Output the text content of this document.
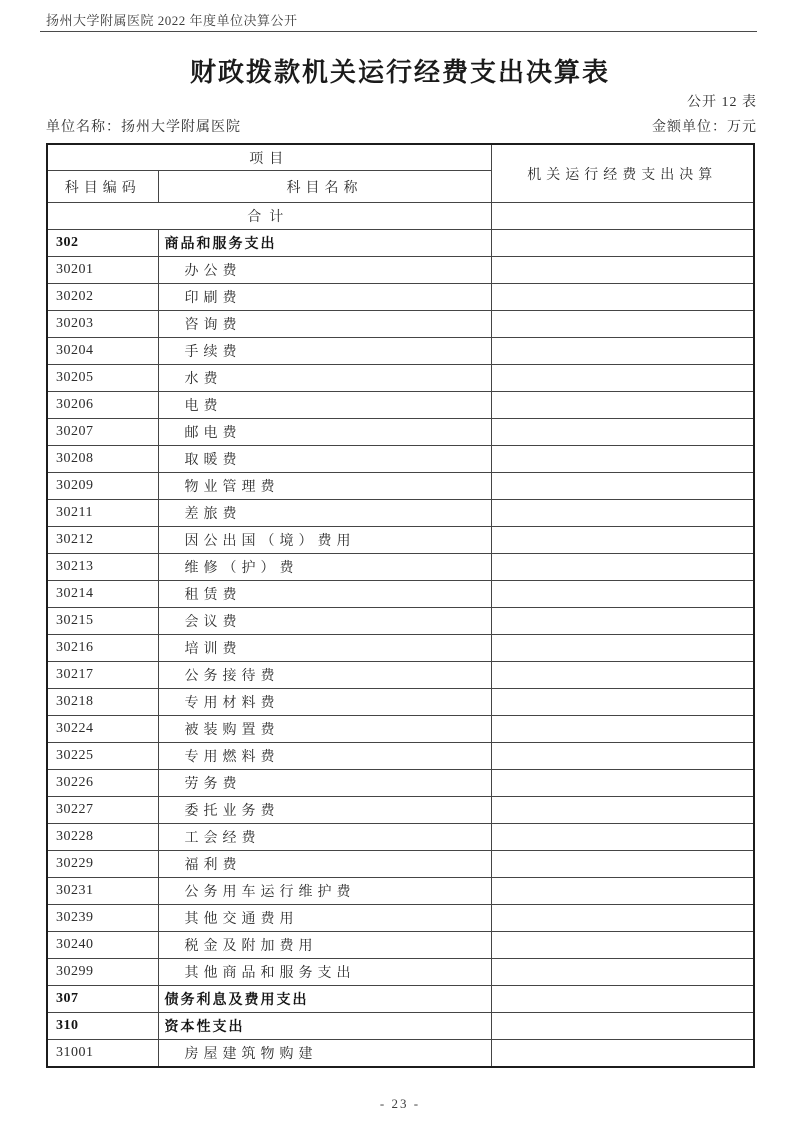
扬州大学附属医院 2022 年度单位决算公开
财政拨款机关运行经费支出决算表
公开 12 表
单位名称：扬州大学附属医院	金额单位：万元
项目		机关运行经费支出决算
科目编码	科目名称	
合计		
302	商品和服务支出	
30201	办公费	
30202	印刷费	
30203	咨询费	
30204	手续费	
30205	水费	
30206	电费	
30207	邮电费	
30208	取暖费	
30209	物业管理费	
30211	差旅费	
30212	因公出国（境）费用	
30213	维修（护）费	
30214	租赁费	
30215	会议费	
30216	培训费	
30217	公务接待费	
30218	专用材料费	
30224	被装购置费	
30225	专用燃料费	
30226	劳务费	
30227	委托业务费	
30228	工会经费	
30229	福利费	
30231	公务用车运行维护费	
30239	其他交通费用	
30240	税金及附加费用	
30299	其他商品和服务支出	
307	债务利息及费用支出	
310	资本性支出	
31001	房屋建筑物购建	
- 23 -
